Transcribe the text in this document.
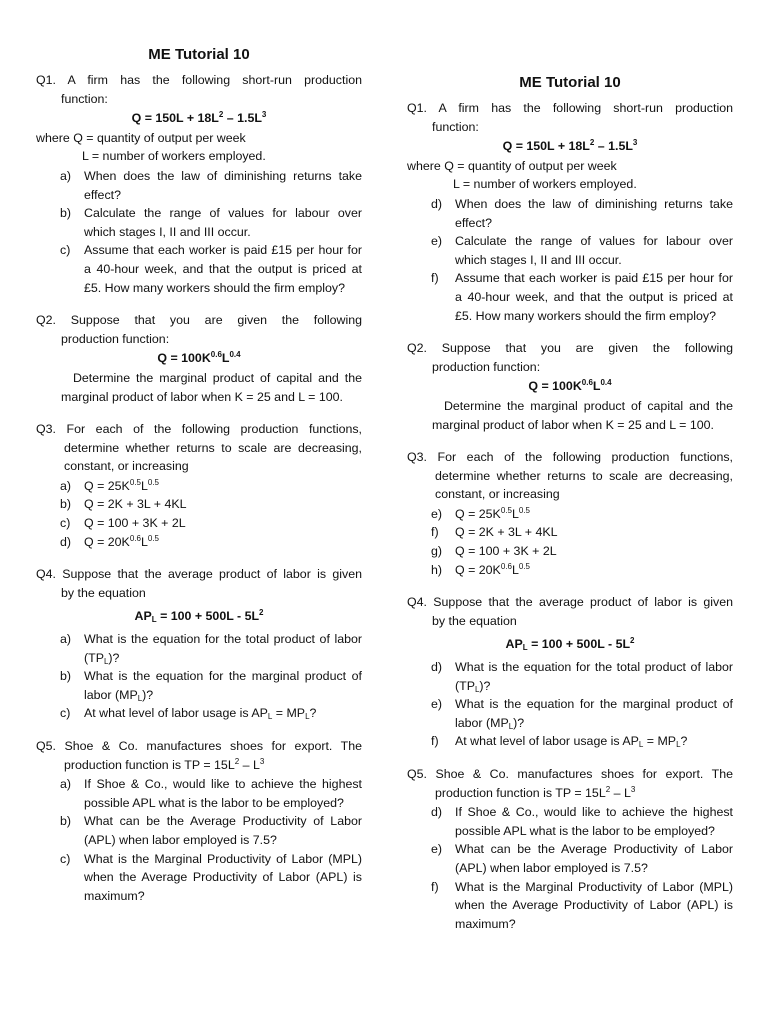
ME Tutorial 10
Q1. A firm has the following short-run production
function:
$Q = 150L + 18L^2 - 1.5L^3$
where Q = quantity of output per week
L = number of workers employed.
a) When does the law of diminishing returns take effect?
b) Calculate the range of values for labour over which stages I, II and III occur.
c) Assume that each worker is paid £15 per hour for a 40-hour week, and that the output is priced at £5. How many workers should the firm employ?
Q2. Suppose that you are given the following
production function:
$Q = 100K^{0.6}L^{0.4}$
Determine the marginal product of capital and the
marginal product of labor when K = 25 and L = 100.
Q3. For each of the following production functions,
determine whether returns to scale are decreasing,
constant, or increasing
a) $Q = 25K^{0.5}L^{0.5}$
b) Q = 2K + 3L + 4KL
c) Q = 100 + 3K + 2L
d) $Q = 20K^{0.6}L^{0.5}$
Q4. Suppose that the average product of labor is given
by the equation
$AP_L = 100 + 500L - 5L^2$
a) What is the equation for the total product of labor $(TP_L)$?
b) What is the equation for the marginal product of labor $(MP_L)$?
c) At what level of labor usage is $AP_L = MP_L$?
Q5. Shoe & Co. manufactures shoes for export. The
production function is TP = $15L^2 - L^3$
a) If Shoe & Co., would like to achieve the highest possible APL what is the labor to be employed?
b) What can be the Average Productivity of Labor (APL) when labor employed is 7.5?
c) What is the Marginal Productivity of Labor (MPL) when the Average Productivity of Labor (APL) is maximum?
ME Tutorial 10
Q1. A firm has the following short-run production
function:
$Q = 150L + 18L^2 - 1.5L^3$
where Q = quantity of output per week
L = number of workers employed.
d) When does the law of diminishing returns take effect?
e) Calculate the range of values for labour over which stages I, II and III occur.
f) Assume that each worker is paid £15 per hour for a 40-hour week, and that the output is priced at £5. How many workers should the firm employ?
Q2. Suppose that you are given the following
production function:
$Q = 100K^{0.6}L^{0.4}$
Determine the marginal product of capital and the
marginal product of labor when K = 25 and L = 100.
Q3. For each of the following production functions,
determine whether returns to scale are decreasing,
constant, or increasing
e) $Q = 25K^{0.5}L^{0.5}$
f) Q = 2K + 3L + 4KL
g) Q = 100 + 3K + 2L
h) $Q = 20K^{0.6}L^{0.5}$
Q4. Suppose that the average product of labor is given
by the equation
$AP_L = 100 + 500L - 5L^2$
d) What is the equation for the total product of labor $(TP_L)$?
e) What is the equation for the marginal product of labor $(MP_L)$?
f) At what level of labor usage is $AP_L = MP_L$?
Q5. Shoe & Co. manufactures shoes for export. The
production function is TP = $15L^2 - L^3$
d) If Shoe & Co., would like to achieve the highest possible APL what is the labor to be employed?
e) What can be the Average Productivity of Labor (APL) when labor employed is 7.5?
f) What is the Marginal Productivity of Labor (MPL) when the Average Productivity of Labor (APL) is maximum?
